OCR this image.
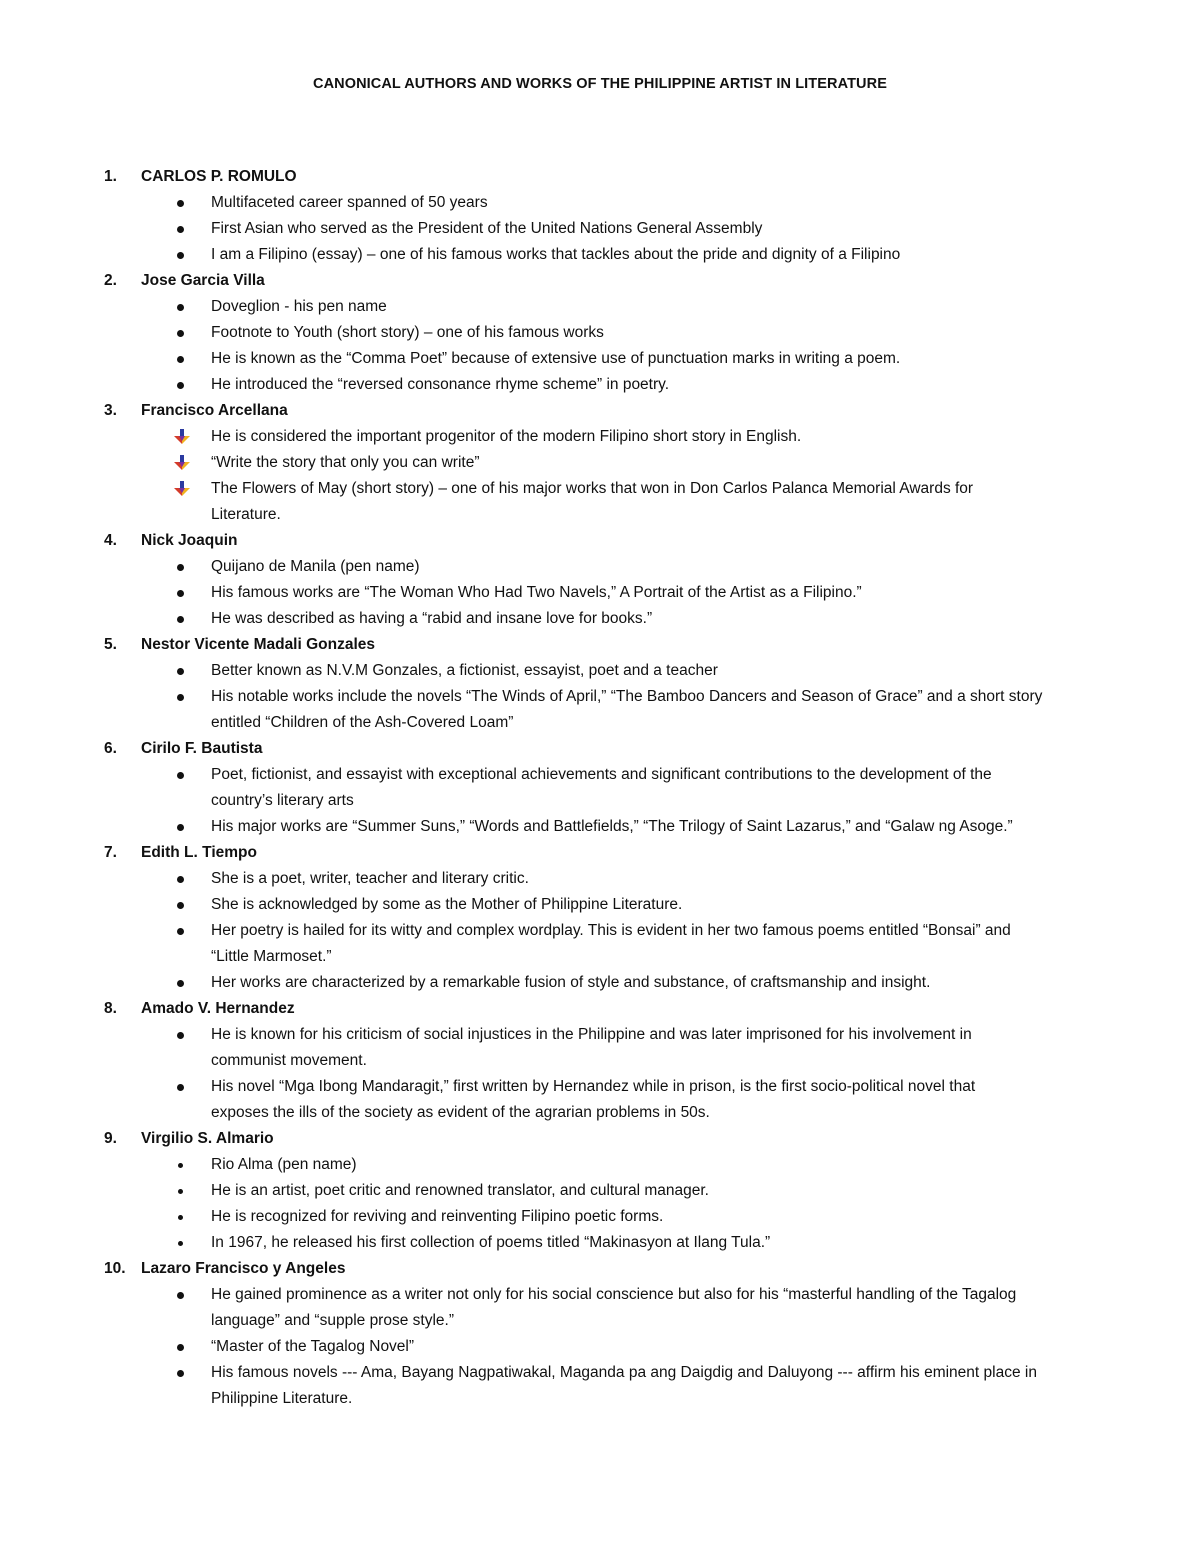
CANONICAL AUTHORS AND WORKS OF THE PHILIPPINE ARTIST IN LITERATURE
1.	CARLOS P. ROMULO
Multifaceted career spanned of 50 years
First Asian who served as the President of the United Nations General Assembly
I am a Filipino (essay) – one of his famous works that tackles about the pride and dignity of a Filipino
2.	Jose Garcia Villa
Doveglion - his pen name
Footnote to Youth (short story) – one of his famous works
He is known as the “Comma Poet” because of extensive use of punctuation marks in writing a poem.
He introduced the “reversed consonance rhyme scheme” in poetry.
3.	Francisco Arcellana
He is considered the important progenitor of the modern Filipino short story in English.
“Write the story that only you can write”
The Flowers of May (short story) – one of his major works that won in Don Carlos Palanca Memorial Awards for
Literature.
4.	Nick Joaquin
Quijano de Manila (pen name)
His famous works are “The Woman Who Had Two Navels,” A Portrait of the Artist as a Filipino.”
He was described as having a “rabid and insane love for books.”
5.	Nestor Vicente Madali Gonzales
Better known as N.V.M Gonzales, a fictionist, essayist, poet and a teacher
His notable works include the novels “The Winds of April,” “The Bamboo Dancers and Season of Grace” and a short story
entitled “Children of the Ash-Covered Loam”
6.	Cirilo F. Bautista
Poet, fictionist, and essayist with exceptional achievements and significant contributions to the development of the
country’s literary arts
His major works are “Summer Suns,” “Words and Battlefields,” “The Trilogy of Saint Lazarus,” and “Galaw ng Asoge.”
7.	Edith L. Tiempo
She is a poet, writer, teacher and literary critic.
She is acknowledged by some as the Mother of Philippine Literature.
Her poetry is hailed for its witty and complex wordplay. This is evident in her two famous poems entitled “Bonsai” and
“Little Marmoset.”
Her works are characterized by a remarkable fusion of style and substance, of craftsmanship and insight.
8.	Amado V. Hernandez
He is known for his criticism of social injustices in the Philippine and was later imprisoned for his involvement in
communist movement.
His novel “Mga Ibong Mandaragit,” first written by Hernandez while in prison, is the first socio-political novel that
exposes the ills of the society as evident of the agrarian problems in 50s.
9.	Virgilio S. Almario
Rio Alma (pen name)
He is an artist, poet critic and renowned translator, and cultural manager.
He is recognized for reviving and reinventing Filipino poetic forms.
In 1967, he released his first collection of poems titled “Makinasyon at Ilang Tula.”
10. Lazaro Francisco y Angeles
He gained prominence as a writer not only for his social conscience but also for his “masterful handling of the Tagalog
language” and “supple prose style.”
“Master of the Tagalog Novel”
His famous novels --- Ama, Bayang Nagpatiwakal, Maganda pa ang Daigdig and Daluyong --- affirm his eminent place in
Philippine Literature.
